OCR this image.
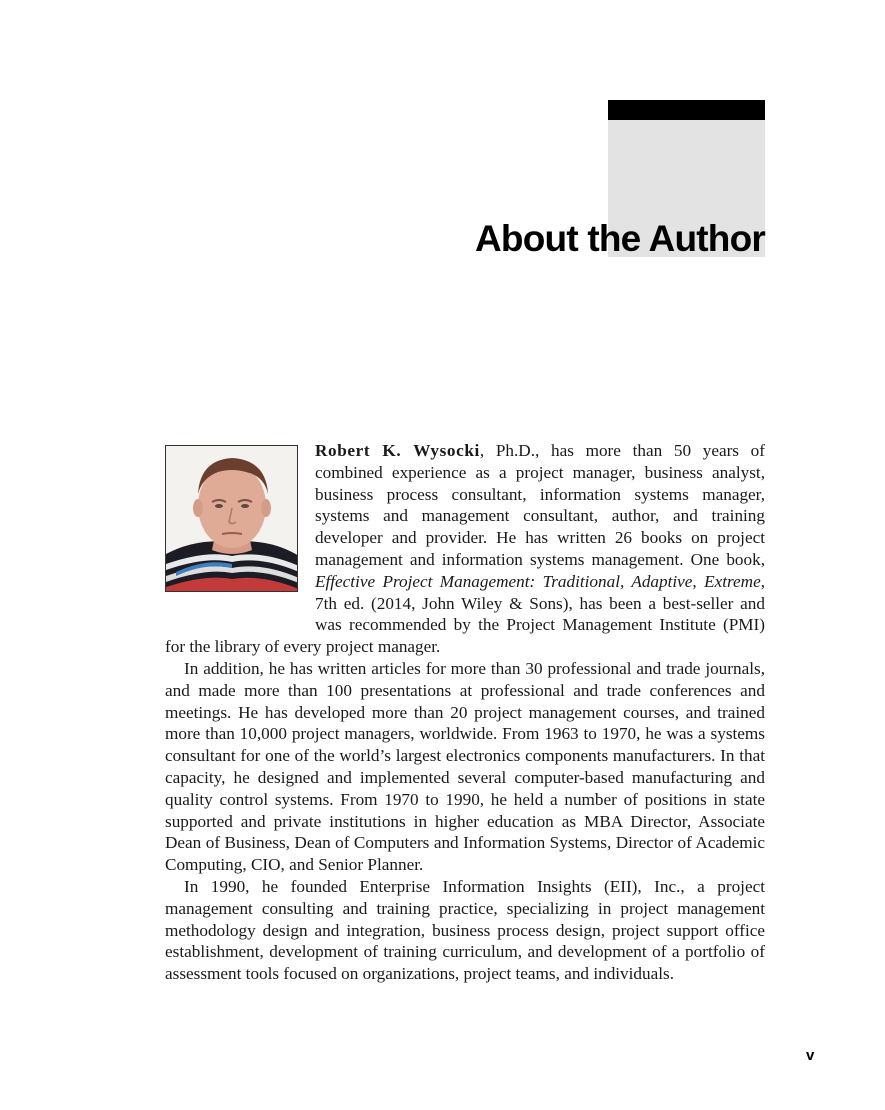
About the Author

Robert K. Wysocki, Ph.D., has more than 50 years of combined experience as a project manager, business analyst, business process consultant, information systems manager, systems and management consultant, author, and training developer and provider. He has written 26 books on project management and information systems management. One book, Effective Project Management: Traditional, Adaptive, Extreme, 7th ed. (2014, John Wiley & Sons), has been a best-seller and was recommended by the Project Management Institute (PMI) for the library of every project manager.

In addition, he has written articles for more than 30 professional and trade journals, and made more than 100 presentations at professional and trade conferences and meetings. He has developed more than 20 project management courses, and trained more than 10,000 project managers, worldwide. From 1963 to 1970, he was a systems consultant for one of the world’s largest electronics components manufacturers. In that capacity, he designed and implemented several computer-based manufacturing and quality control systems. From 1970 to 1990, he held a number of positions in state supported and private institutions in higher education as MBA Director, Associate Dean of Business, Dean of Computers and Information Systems, Director of Academic Computing, CIO, and Senior Planner.

In 1990, he founded Enterprise Information Insights (EII), Inc., a project management consulting and training practice, specializing in project management methodology design and integration, business process design, project support office establishment, development of training curriculum, and development of a portfolio of assessment tools focused on organizations, project teams, and individuals.

v
